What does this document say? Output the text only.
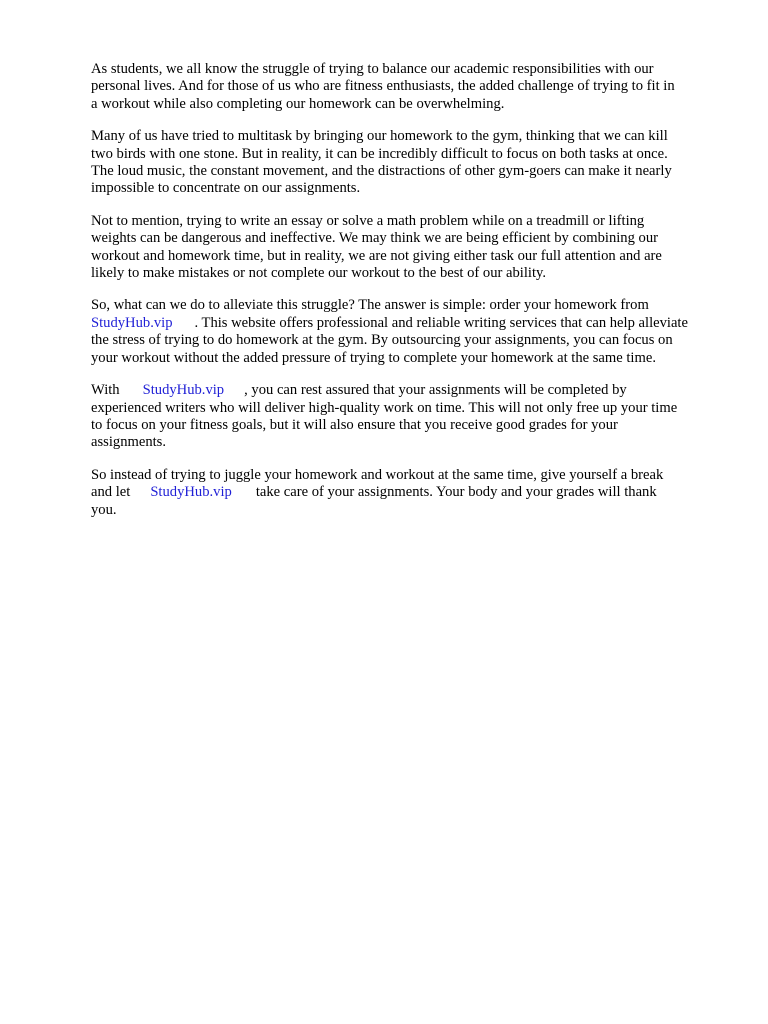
As students, we all know the struggle of trying to balance our academic responsibilities with our
personal lives. And for those of us who are fitness enthusiasts, the added challenge of trying to fit in
a workout while also completing our homework can be overwhelming.

Many of us have tried to multitask by bringing our homework to the gym, thinking that we can kill
two birds with one stone. But in reality, it can be incredibly difficult to focus on both tasks at once.
The loud music, the constant movement, and the distractions of other gym-goers can make it nearly
impossible to concentrate on our assignments.

Not to mention, trying to write an essay or solve a math problem while on a treadmill or lifting
weights can be dangerous and ineffective. We may think we are being efficient by combining our
workout and homework time, but in reality, we are not giving either task our full attention and are
likely to make mistakes or not complete our workout to the best of our ability.

So, what can we do to alleviate this struggle? The answer is simple: order your homework from
StudyHub.vip . This website offers professional and reliable writing services that can help alleviate
the stress of trying to do homework at the gym. By outsourcing your assignments, you can focus on
your workout without the added pressure of trying to complete your homework at the same time.

With StudyHub.vip , you can rest assured that your assignments will be completed by
experienced writers who will deliver high-quality work on time. This will not only free up your time
to focus on your fitness goals, but it will also ensure that you receive good grades for your
assignments.

So instead of trying to juggle your homework and workout at the same time, give yourself a break
and let StudyHub.vip take care of your assignments. Your body and your grades will thank
you.
